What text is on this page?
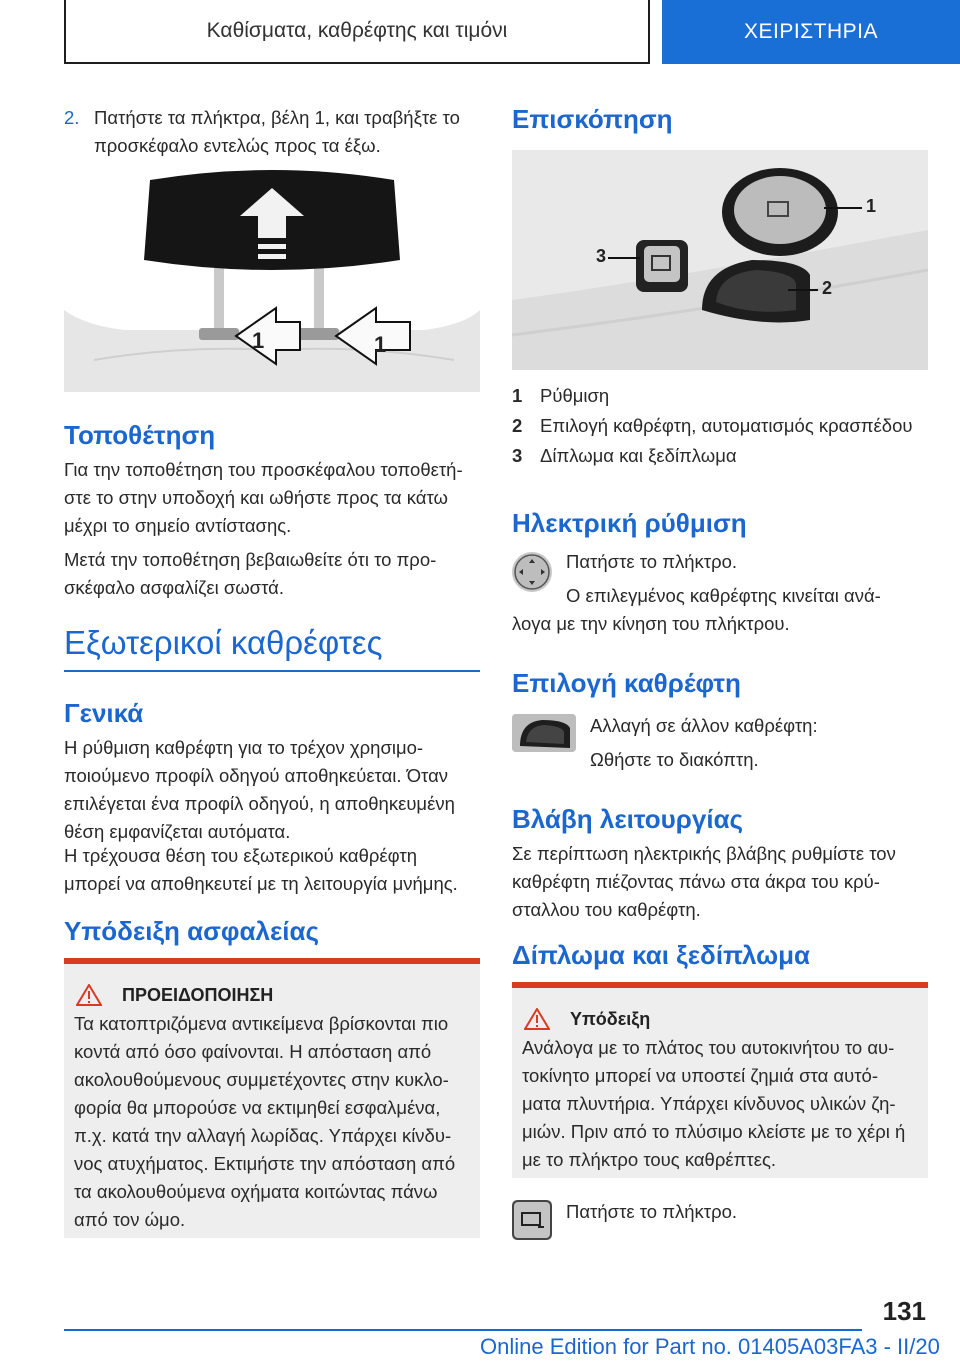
Καθίσματα, καθρέφτης και τιμόνι	ΧΕΙΡΙΣΤΗΡΙΑ
2. Πατήστε τα πλήκτρα, βέλη 1, και τραβήξτε το

προσκέφαλο εντελώς προς τα έξω.

1	1
Τοποθέτηση

Για την τοποθέτηση του προσκέφαλου τοποθετή-

στε το στην υποδοχή και ωθήστε προς τα κάτω

μέχρι το σημείο αντίστασης.

Μετά την τοποθέτηση βεβαιωθείτε ότι το προ-

σκέφαλο ασφαλίζει σωστά.

Εξωτερικοί καθρέφτες
Γενικά

Η ρύθμιση καθρέφτη για το τρέχον χρησιμο-

ποιούμενο προφίλ οδηγού αποθηκεύεται. Όταν

επιλέγεται ένα προφίλ οδηγού, η αποθηκευμένη

θέση εμφανίζεται αυτόματα.

Η τρέχουσα θέση του εξωτερικού καθρέφτη

μπορεί να αποθηκευτεί με τη λειτουργία μνήμης.

Υπόδειξη ασφαλείας
ΠΡΟΕΙΔΟΠΟΙΗΣΗ

Τα κατοπτριζόμενα αντικείμενα βρίσκονται πιο

κοντά από όσο φαίνονται. Η απόσταση από

ακολουθούμενους συμμετέχοντες στην κυκλο-

φορία θα μπορούσε να εκτιμηθεί εσφαλμένα,

π.χ. κατά την αλλαγή λωρίδας. Υπάρχει κίνδυ-

νος ατυχήματος. Εκτιμήστε την απόσταση από

τα ακολουθούμενα οχήματα κοιτώντας πάνω

από τον ώμο.

Επισκόπηση
1
2
3
1 Ρύθμιση
2 Επιλογή καθρέφτη, αυτοματισμός κρασπέδου
3 Δίπλωμα και ξεδίπλωμα
Ηλεκτρική ρύθμιση
Πατήστε το πλήκτρο.
Ο επιλεγμένος καθρέφτης κινείται ανά-
λογα με την κίνηση του πλήκτρου.
Επιλογή καθρέφτη
Αλλαγή σε άλλον καθρέφτη:
Ωθήστε το διακόπτη.
Βλάβη λειτουργίας

Σε περίπτωση ηλεκτρικής βλάβης ρυθμίστε τον

καθρέφτη πιέζοντας πάνω στα άκρα του κρύ-

σταλλου του καθρέφτη.

Δίπλωμα και ξεδίπλωμα
Υπόδειξη

Ανάλογα με το πλάτος του αυτοκινήτου το αυ-

τοκίνητο μπορεί να υποστεί ζημιά στα αυτό-

ματα πλυντήρια. Υπάρχει κίνδυνος υλικών ζη-

μιών. Πριν από το πλύσιμο κλείστε με το χέρι ή

με το πλήκτρο τους καθρέπτες.

Πατήστε το πλήκτρο.
131
Online Edition for Part no. 01405A03FA3 - II/20
